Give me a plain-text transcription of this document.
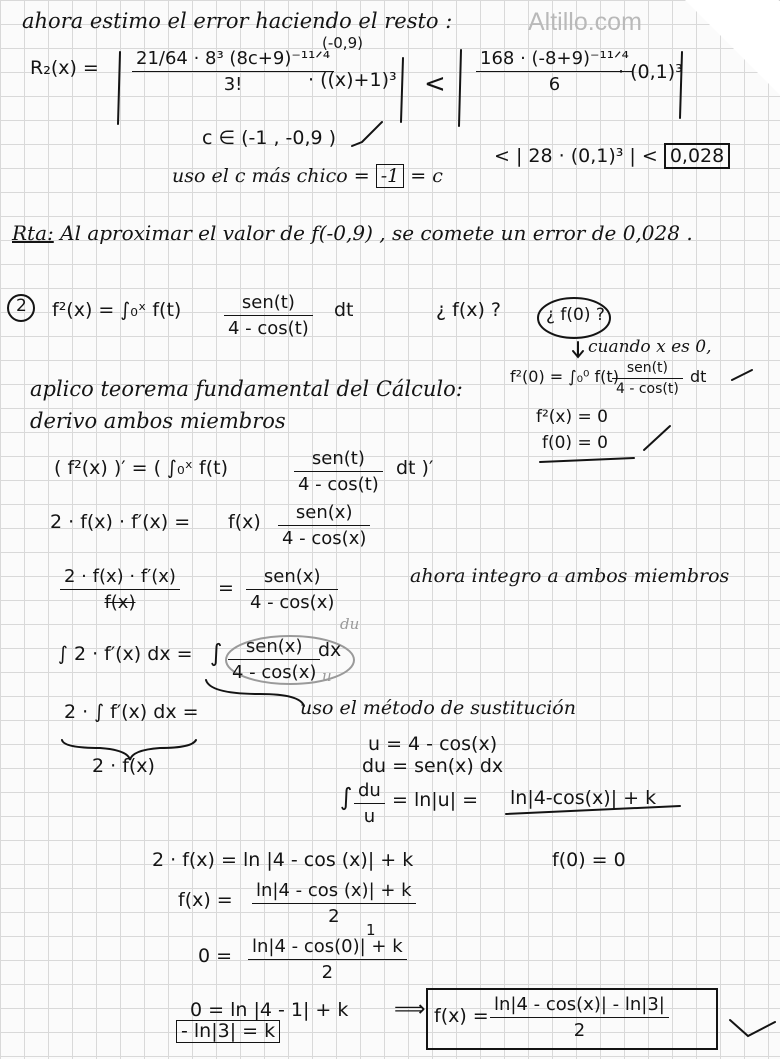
Altillo.com
ahora estimo el error haciendo el resto :
R₂(x) =
(-0,9)
21/64 · 8³ (8c+9)⁻¹¹ᐟ⁴
3!	· ((x)+1)³ <
168 · (-8+9)⁻¹¹ᐟ⁴
6
· (0,1)³
c ∈ (-1 , -0,9 )
uso el c más chico = -1 = c
< | 28 · (0,1)³ | < 0,028
Rta: Al aproximar el valor de f(-0,9) , se comete un error de 0,028 .
2 f²(x) = ∫₀ˣ f(t)	sen(t)
4 - cos(t)
dt	¿ f(x) ?	¿ f(0) ?
cuando x es 0,
aplico teorema fundamental del Cálculo:
derivo ambos miembros
f²(0) = ∫₀⁰ f(t) sen(t)
4 - cos(t)
dt
f²(x) = 0
f(0) = 0
( f²(x) )′ = ( ∫₀ˣ f(t)	sen(t)
4 - cos(t)
dt )′
2 · f(x) · f′(x) = f(x) sen(x)
4 - cos(x)
2 · f(x) · f′(x)
f(x)
=
sen(x)
4 - cos(x)
ahora integro a ambos miembros
∫ 2 · f′(x) dx = ∫ sen(x)
4 - cos(x)
dx
du
u
2 · ∫ f′(x) dx =
2 · f(x)
uso el método de sustitución
u = 4 - cos(x)
du = sen(x) dx
∫ du
u
= ln|u| = ln|4-cos(x)| + k
2 · f(x) = ln |4 - cos (x)| + k	f(0) = 0
f(x) = ln|4 - cos (x)| + k
2
0 =
1
ln|4 - cos(0)| + k
2
0 = ln |4 - 1| + k ⟹
- ln|3| = k
f(x) =
ln|4 - cos(x)| - ln|3|
2
